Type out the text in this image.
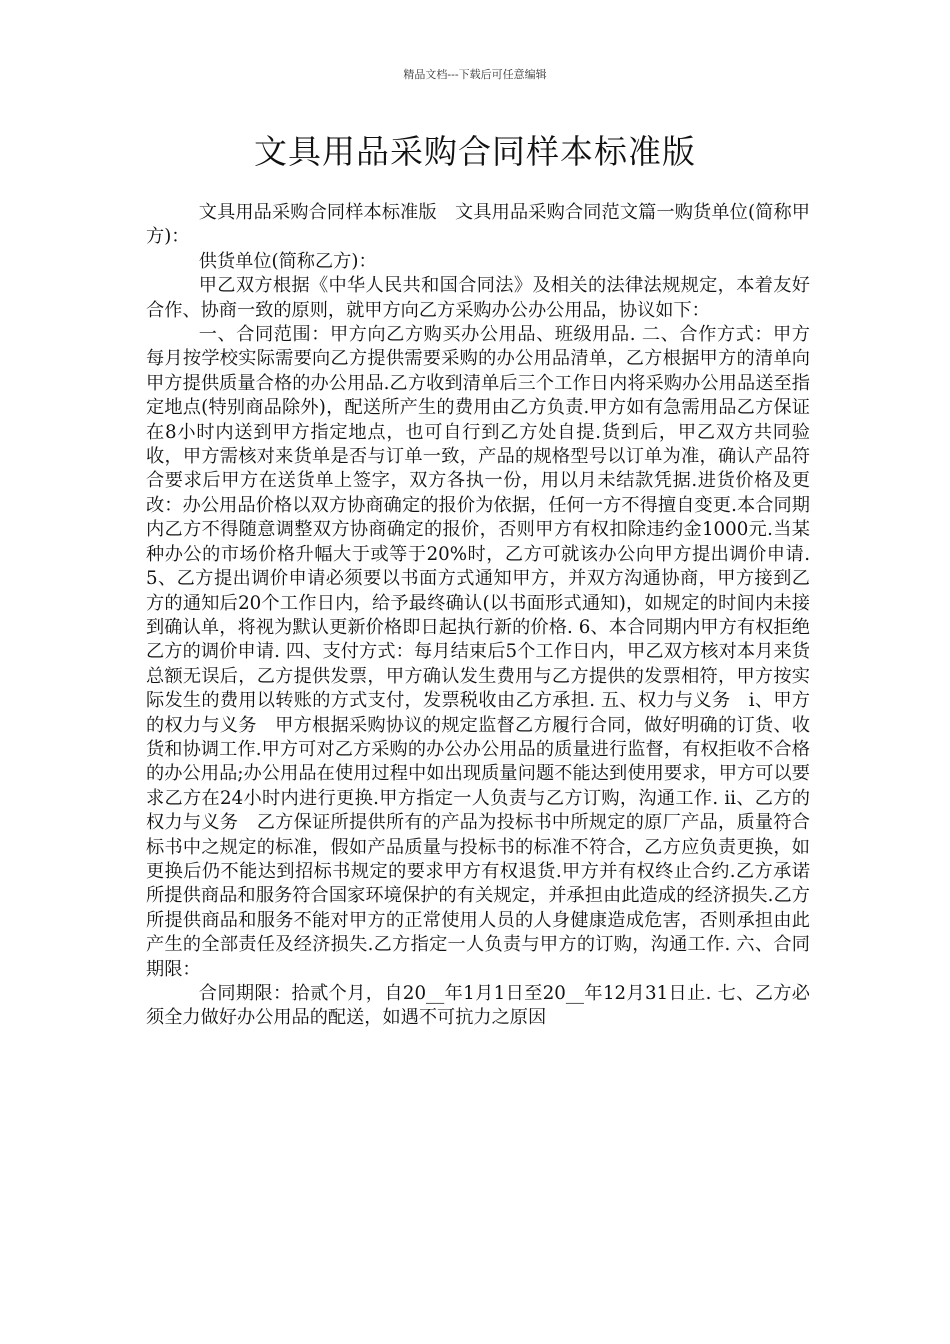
精品文档---下载后可任意编辑
文具用品采购合同样本标准版

文具用品采购合同样本标准版　文具用品采购合同范文篇一购货单位(简称甲方)：

供货单位(简称乙方)：

甲乙双方根据《中华人民共和国合同法》及相关的法律法规规定，本着友好合作、协商一致的原则，就甲方向乙方采购办公办公用品，协议如下：

一、合同范围：甲方向乙方购买办公用品、班级用品. 二、合作方式：甲方每月按学校实际需要向乙方提供需要采购的办公用品清单，乙方根据甲方的清单向甲方提供质量合格的办公用品.乙方收到清单后三个工作日内将采购办公用品送至指定地点(特别商品除外)，配送所产生的费用由乙方负责.甲方如有急需用品乙方保证在8小时内送到甲方指定地点，也可自行到乙方处自提.货到后，甲乙双方共同验收，甲方需核对来货单是否与订单一致，产品的规格型号以订单为准，确认产品符合要求后甲方在送货单上签字，双方各执一份，用以月未结款凭据.进货价格及更改：办公用品价格以双方协商确定的报价为依据，任何一方不得擅自变更.本合同期内乙方不得随意调整双方协商确定的报价，否则甲方有权扣除违约金1000元.当某种办公的市场价格升幅大于或等于20%时，乙方可就该办公向甲方提出调价申请. 5、乙方提出调价申请必须要以书面方式通知甲方，并双方沟通协商，甲方接到乙方的通知后20个工作日内，给予最终确认(以书面形式通知)，如规定的时间内未接到确认单，将视为默认更新价格即日起执行新的价格. 6、本合同期内甲方有权拒绝乙方的调价申请. 四、支付方式：每月结束后5个工作日内，甲乙双方核对本月来货总额无误后，乙方提供发票，甲方确认发生费用与乙方提供的发票相符，甲方按实际发生的费用以转账的方式支付，发票税收由乙方承担. 五、权力与义务　i、甲方的权力与义务　甲方根据采购协议的规定监督乙方履行合同，做好明确的订货、收货和协调工作.甲方可对乙方采购的办公办公用品的质量进行监督，有权拒收不合格的办公用品;办公用品在使用过程中如出现质量问题不能达到使用要求，甲方可以要求乙方在24小时内进行更换.甲方指定一人负责与乙方订购，沟通工作. ii、乙方的权力与义务　乙方保证所提供所有的产品为投标书中所规定的原厂产品，质量符合标书中之规定的标准，假如产品质量与投标书的标准不符合，乙方应负责更换，如更换后仍不能达到招标书规定的要求甲方有权退货.甲方并有权终止合约.乙方承诺所提供商品和服务符合国家环境保护的有关规定，并承担由此造成的经济损失.乙方所提供商品和服务不能对甲方的正常使用人员的人身健康造成危害，否则承担由此产生的全部责任及经济损失.乙方指定一人负责与甲方的订购，沟通工作. 六、合同期限：

合同期限：拾贰个月，自20__年1月1日至20__年12月31日止. 七、乙方必须全力做好办公用品的配送，如遇不可抗力之原因
